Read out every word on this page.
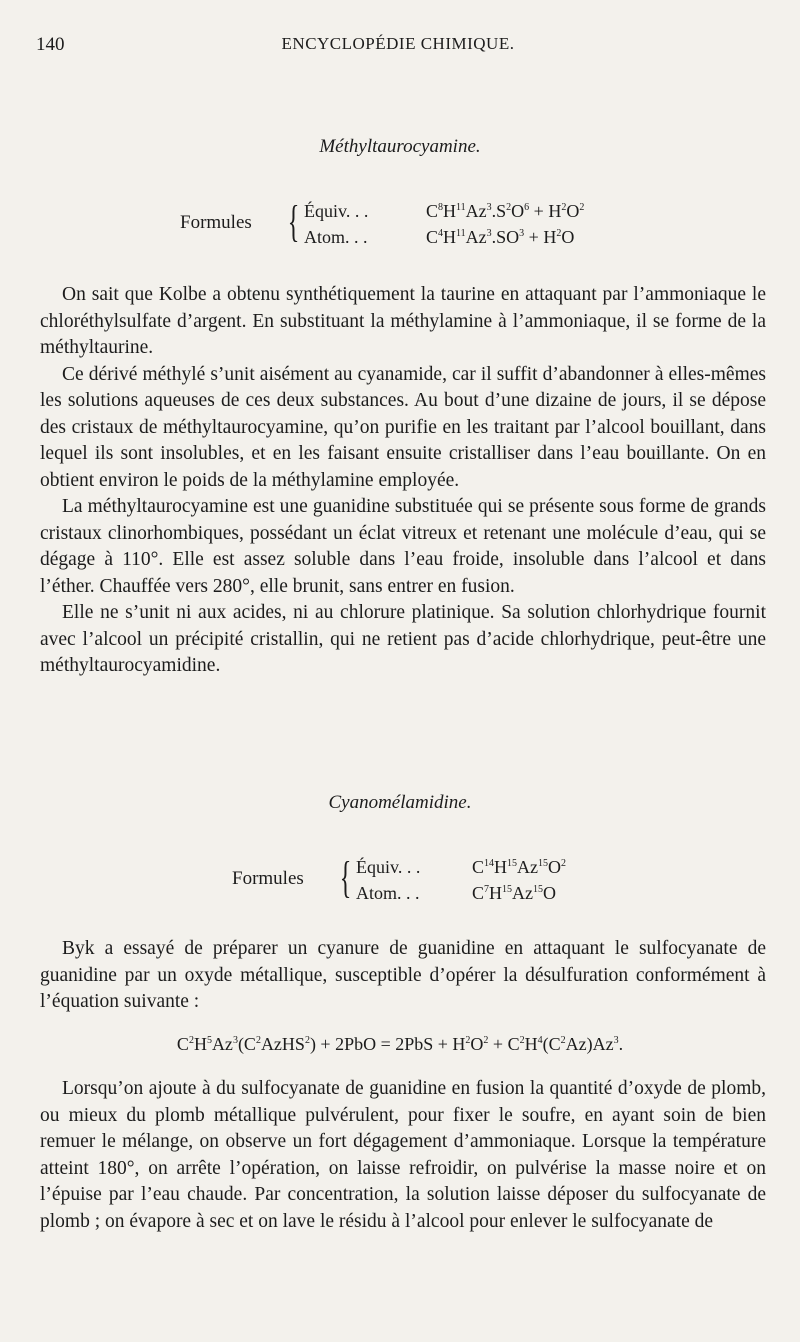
140	ENCYCLOPÉDIE CHIMIQUE.
Méthyltaurocyamine.
Formules { Équiv. . .	$C^8H^{11}Az^3.S^2O^6 + H^2O^2$
Atom. . .	$C^4H^{11}Az^3.SO^3 + H^2O$

On sait que Kolbe a obtenu synthétiquement la taurine en attaquant par l’ammoniaque le chloréthylsulfate d’argent. En substituant la méthylamine à l’ammoniaque, il se forme de la méthyltaurine.

Ce dérivé méthylé s’unit aisément au cyanamide, car il suffit d’abandonner à elles-mêmes les solutions aqueuses de ces deux substances. Au bout d’une dizaine de jours, il se dépose des cristaux de méthyltaurocyamine, qu’on purifie en les traitant par l’alcool bouillant, dans lequel ils sont insolubles, et en les faisant ensuite cristalliser dans l’eau bouillante. On en obtient environ le poids de la méthylamine employée.

La méthyltaurocyamine est une guanidine substituée qui se présente sous forme de grands cristaux clinorhombiques, possédant un éclat vitreux et retenant une molécule d’eau, qui se dégage à 110°. Elle est assez soluble dans l’eau froide, insoluble dans l’alcool et dans l’éther. Chauffée vers 280°, elle brunit, sans entrer en fusion.

Elle ne s’unit ni aux acides, ni au chlorure platinique. Sa solution chlorhydrique fournit avec l’alcool un précipité cristallin, qui ne retient pas d’acide chlorhydrique, peut-être une méthyltaurocyamidine.

Cyanomélamidine.
Formules { Équiv. . .	$C^{14}H^{15}Az^{15}O^2$
Atom. . .	$C^7H^{15}Az^{15}O$

Byk a essayé de préparer un cyanure de guanidine en attaquant le sulfocyanate de guanidine par un oxyde métallique, susceptible d’opérer la désulfuration conformément à l’équation suivante :

$C^2H^5Az^3(C^2AzHS^2) + 2PbO = 2PbS + H^2O^2 + C^2H^4(C^2Az)Az^3$.

Lorsqu’on ajoute à du sulfocyanate de guanidine en fusion la quantité d’oxyde de plomb, ou mieux du plomb métallique pulvérulent, pour fixer le soufre, en ayant soin de bien remuer le mélange, on observe un fort dégagement d’ammoniaque. Lorsque la température atteint 180°, on arrête l’opération, on laisse refroidir, on pulvérise la masse noire et on l’épuise par l’eau chaude. Par concentration, la solution laisse déposer du sulfocyanate de plomb ; on évapore à sec et on lave le résidu à l’alcool pour enlever le sulfocyanate de
